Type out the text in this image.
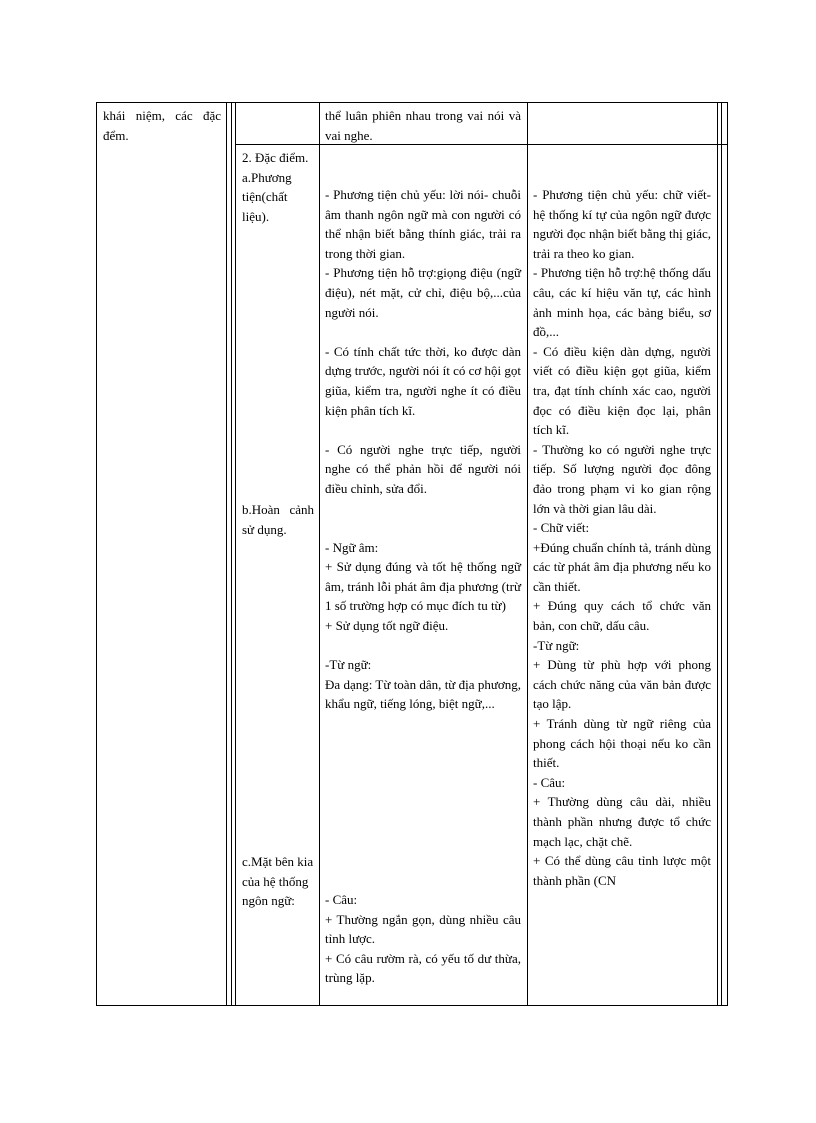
khái niệm, các đặc đểm.

thể luân phiên nhau trong vai nói và vai nghe.

2. Đặc điểm.

a.Phương tiện(chất liệu).

b.Hoàn cảnh sử dụng.

c.Mặt bên kia của hệ thống ngôn ngữ:

- Phương tiện chủ yếu: lời nói- chuỗi âm thanh ngôn ngữ mà con người có thể nhận biết bằng thính giác, trải ra trong thời gian.

- Phương tiện hỗ trợ:giọng điệu (ngữ điệu), nét mặt, cử chỉ, điệu bộ,...của người nói.

- Có tính chất tức thời, ko được dàn dựng trước, người nói ít có cơ hội gọt giũa, kiểm tra, người nghe ít có điều kiện phân tích kĩ.

- Có người nghe trực tiếp, người nghe có thể phản hồi để người nói điều chỉnh, sửa đổi.

- Ngữ âm:

+ Sử dụng đúng và tốt hệ thống ngữ âm, tránh lỗi phát âm địa phương (trừ 1 số trường hợp có mục đích tu từ)

+ Sử dụng tốt ngữ điệu.

-Từ ngữ:

Đa dạng: Từ toàn dân, từ địa phương, khẩu ngữ, tiếng lóng, biệt ngữ,...

- Câu:

+ Thường ngắn gọn, dùng nhiều câu tỉnh lược.

+ Có câu rườm rà, có yếu tố dư thừa, trùng lặp.

- Phương tiện chủ yếu: chữ viết- hệ thống kí tự của ngôn ngữ được người đọc nhận biết bằng thị giác, trải ra theo ko gian.

- Phương tiện hỗ trợ:hệ thống dấu câu, các kí hiệu văn tự, các hình ảnh minh họa, các bảng biểu, sơ đồ,...

- Có điều kiện dàn dựng, người viết có điều kiện gọt giũa, kiểm tra, đạt tính chính xác cao, người đọc có điều kiện đọc lại, phân tích kĩ.

- Thường ko có người nghe trực tiếp. Số lượng người đọc đông đảo trong phạm vi ko gian rộng lớn và thời gian lâu dài.

- Chữ viết:

+Đúng chuẩn chính tả, tránh dùng các từ phát âm địa phương nếu ko cần thiết.

+ Đúng quy cách tổ chức văn bản, con chữ, dấu câu.

-Từ ngữ:

+ Dùng từ phù hợp với phong cách chức năng của văn bản được tạo lập.

+ Tránh dùng từ ngữ riêng của phong cách hội thoại nếu ko cần thiết.

- Câu:

+ Thường dùng câu dài, nhiều thành phần nhưng được tổ chức mạch lạc, chặt chẽ.

+ Có thể dùng câu tỉnh lược một thành phần (CN
